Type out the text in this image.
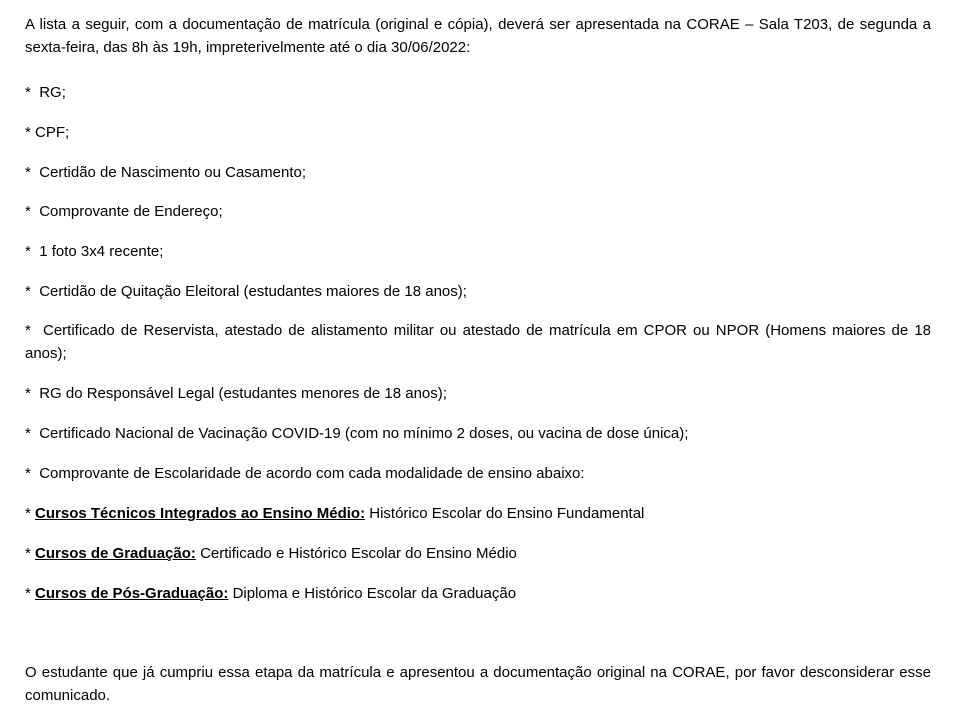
A lista a seguir, com a documentação de matrícula (original e cópia), deverá ser apresentada na CORAE – Sala T203, de segunda a sexta-feira, das 8h às 19h, impreterivelmente até o dia 30/06/2022:

* RG;

* CPF;

* Certidão de Nascimento ou Casamento;

* Comprovante de Endereço;

* 1 foto 3x4 recente;

* Certidão de Quitação Eleitoral (estudantes maiores de 18 anos);

* Certificado de Reservista, atestado de alistamento militar ou atestado de matrícula em CPOR ou NPOR (Homens maiores de 18 anos);

* RG do Responsável Legal (estudantes menores de 18 anos);

* Certificado Nacional de Vacinação COVID-19 (com no mínimo 2 doses, ou vacina de dose única);

* Comprovante de Escolaridade de acordo com cada modalidade de ensino abaixo:

* Cursos Técnicos Integrados ao Ensino Médio: Histórico Escolar do Ensino Fundamental

* Cursos de Graduação: Certificado e Histórico Escolar do Ensino Médio

* Cursos de Pós-Graduação: Diploma e Histórico Escolar da Graduação

O estudante que já cumpriu essa etapa da matrícula e apresentou a documentação original na CORAE, por favor desconsiderar esse comunicado.
